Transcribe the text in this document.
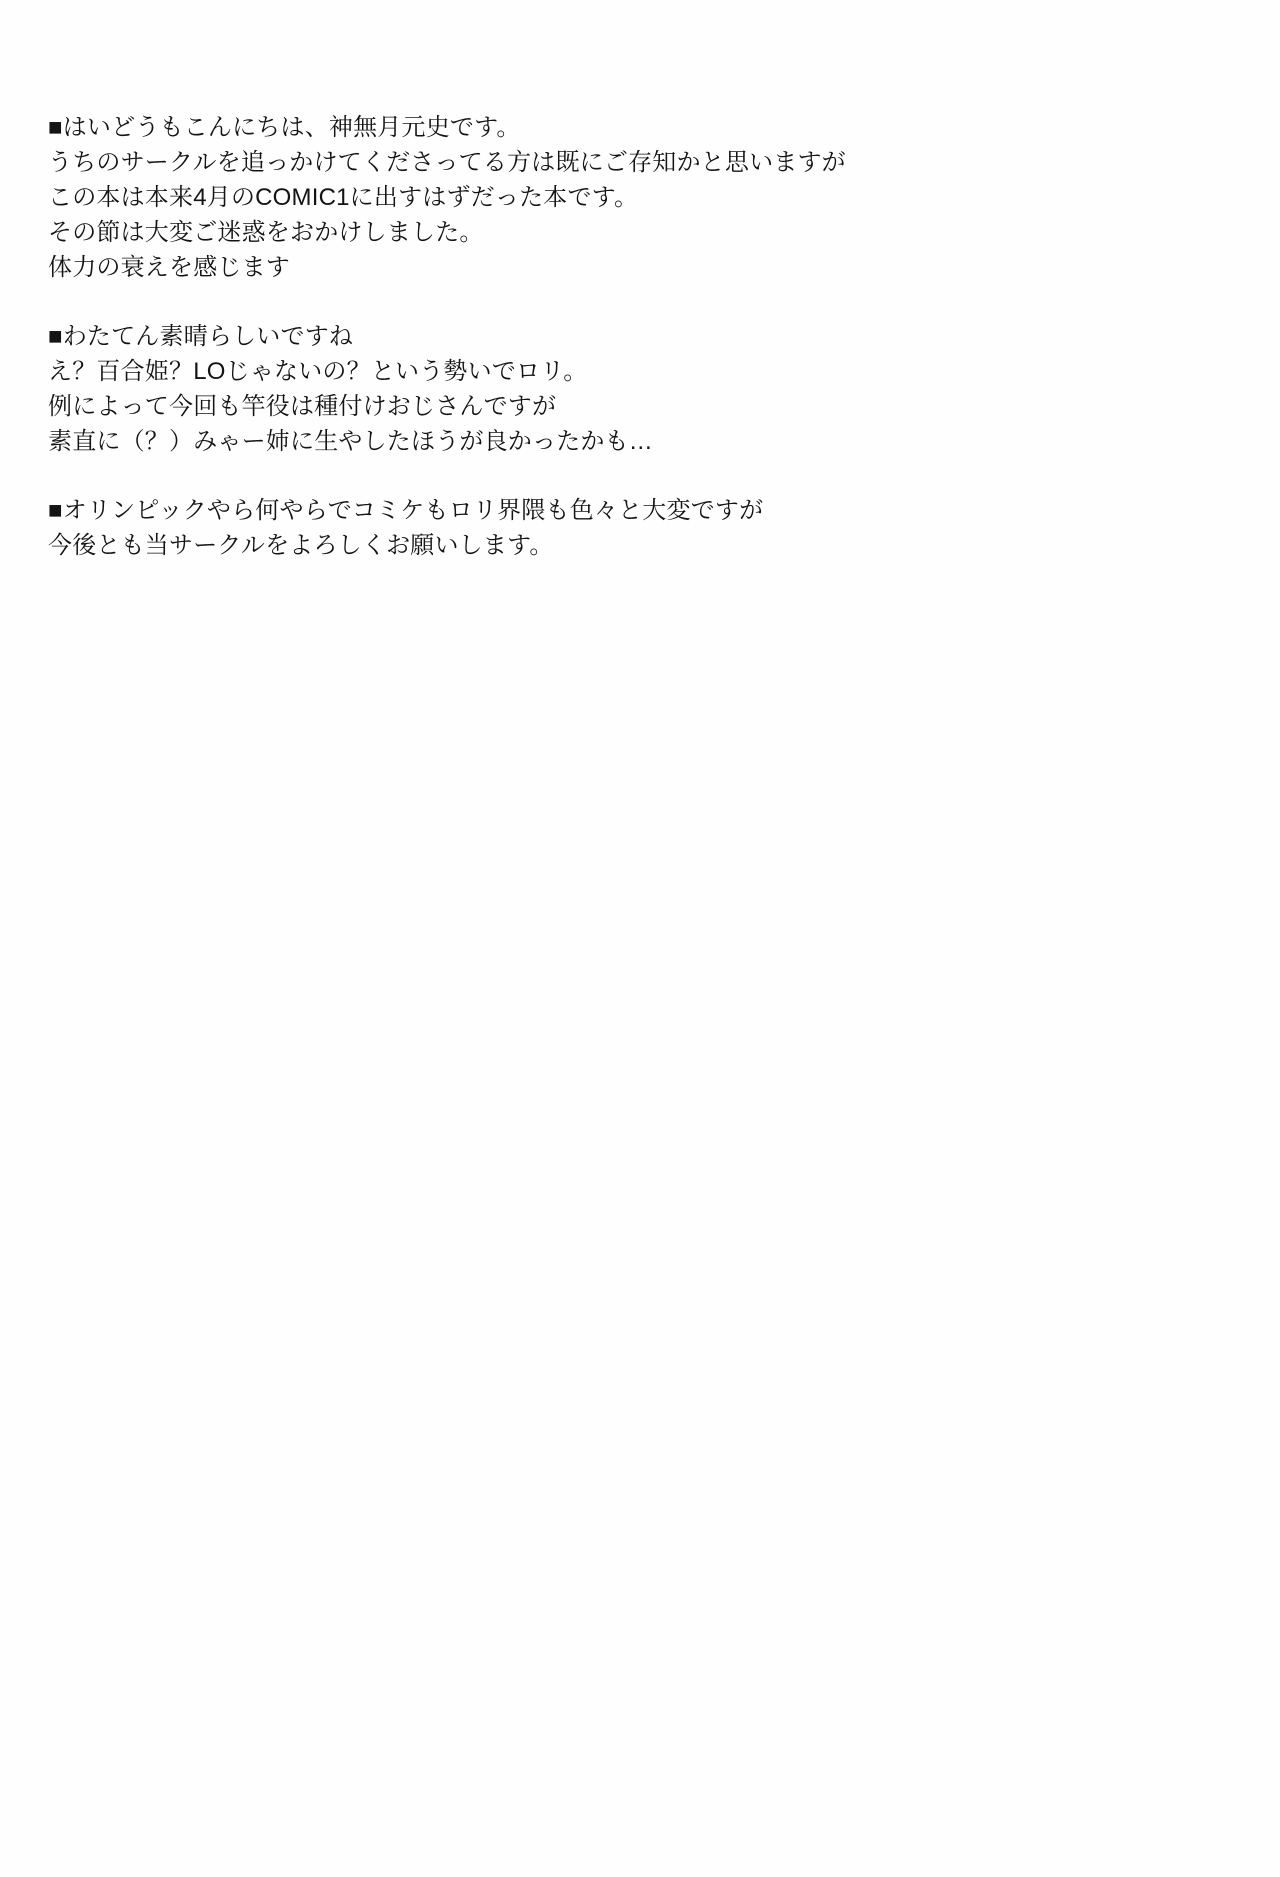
■はいどうもこんにちは、神無月元史です。
うちのサークルを追っかけてくださってる方は既にご存知かと思いますが
この本は本来4月のCOMIC1に出すはずだった本です。
その節は大変ご迷惑をおかけしました。
体力の衰えを感じます
■わたてん素晴らしいですね
え？百合姫？LOじゃないの？という勢いでロリ。
例によって今回も竿役は種付けおじさんですが
素直に（？）みゃー姉に生やしたほうが良かったかも…
■オリンピックやら何やらでコミケもロリ界隈も色々と大変ですが
今後とも当サークルをよろしくお願いします。
